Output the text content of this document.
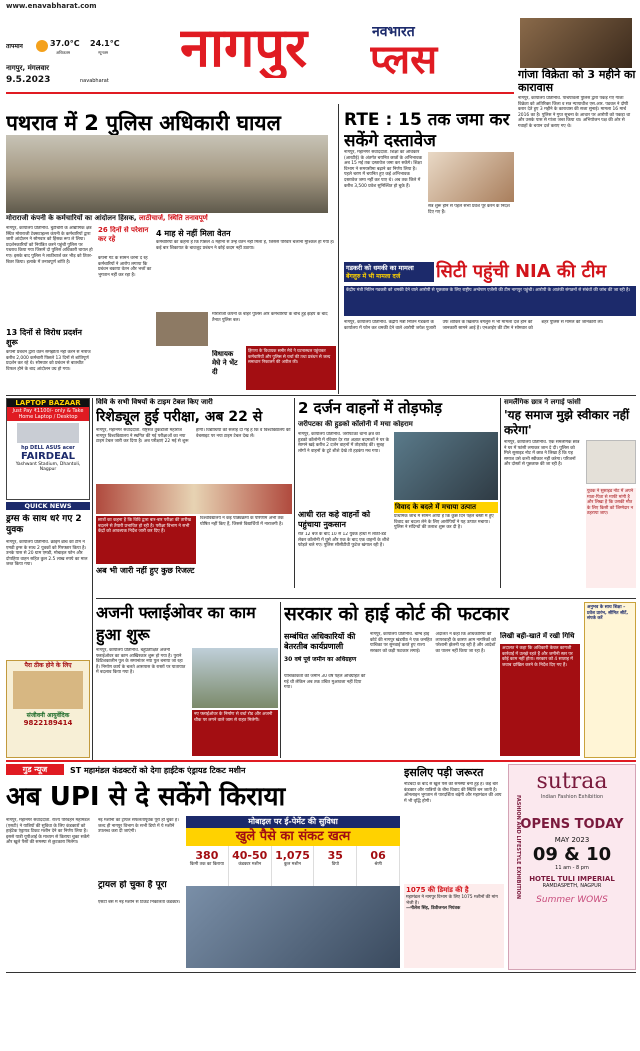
www.enavabharat.com
तापमान	37.0°C
अधिकतम
24.1°C
न्यूनतम
नागपुर, मंगलवार
9.5.2023
	navabharat
नागपुर	नवभारत
प्लस	गांजा विक्रेता को 3 महीने का कारावास
नागपुर, कार्यालय प्रतिनिधि. पाचपावली पुलिस द्वारा पकड़े गए गांजा विक्रेता को अतिरिक्त जिला व सत्र न्यायाधीश एस.आर. पडवल ने दोषी करार देते हुए 3 महीने के कारावास की सजा सुनाई। मामला 16 मार्च 2016 का है। पुलिस ने गुप्त सूचना के आधार पर आरोपी को पकड़ा था और उसके पास से गांजा जब्त किया था। अभियोजन पक्ष की ओर से गवाहों के बयान दर्ज कराए गए थे।
पथराव में 2 पुलिस अधिकारी घायल
मोराराजी कंपनी के कर्मचारियों का आंदोलन हिंसक, लाठीचार्ज, स्थिति तनावपूर्ण
नागपुर, कार्यालय प्रतिनिधि. बुटीबोरी के औद्योगिक क्षेत्र स्थित मोराराजी टेक्सटाइल्स कंपनी के कर्मचारियों द्वारा जारी आंदोलन ने सोमवार को हिंसक रूप ले लिया। प्रदर्शनकारियों को नियंत्रित करने पहुंची पुलिस पर पथराव किया गया जिसमें दो पुलिस अधिकारी घायल हो गए। इसके बाद पुलिस ने लाठीचार्ज कर भीड़ को तितर-बितर किया। इलाके में तनावपूर्ण शांति है।
13 दिनों से विरोध प्रदर्शन शुरू
कंपनी प्रबंधन द्वारा वेतन समझौता नहीं करने से नाराज करीब 2,000 कर्मचारी पिछले 13 दिनों से शांतिपूर्ण प्रदर्शन कर रहे थे। सोमवार को प्रबंधन से बातचीत विफल होने के बाद आंदोलन उग्र हो गया।
26 दिनों से परेशान कर रहे
कंपनी गेट के सामने धरना दे रहे कर्मचारियों ने आरोप लगाया कि प्रबंधन बकाया वेतन और भत्तों का भुगतान नहीं कर रहा है।
4 माह से नहीं मिला वेतन
कर्मचारियों का कहना है कि पिछले 4 महीनों से उन्हें वेतन नहीं मिला है, जिससे परिवार चलाना मुश्किल हो गया है। कई बार शिकायत के बावजूद प्रबंधन ने कोई कदम नहीं उठाया।
विधायक मेघे ने भेंट दी
हिंगणा के विधायक समीर मेघे ने घटनास्थल पहुंचकर कर्मचारियों और पुलिस से चर्चा की तथा प्रबंधन से जल्द समाधान निकालने की अपील की।
मोराराजी कंपनी के बाहर पुलिस और कर्मचारियों के बीच हुई झड़प के बाद तैनात पुलिस बल।
RTE : 15 तक जमा कर सकेंगे दस्तावेज
नागपुर, महानगर संवाददाता. शिक्षा का अधिकार (आरटीई) के अंतर्गत चयनित छात्रों के अभिभावक अब 15 मई तक दस्तावेज जमा कर सकेंगे। शिक्षा विभाग ने समयसीमा बढ़ाने का निर्णय लिया है। पहले चरण में चयनित हुए कई अभिभावक दस्तावेज जमा नहीं कर पाए थे। अब तक जिले में करीब 3,500 प्रवेश सुनिश्चित हो चुके हैं।
सत्र शुरू होने से पहले सभी प्रवेश पूरे करने के निर्देश दिए गए हैं।
गडकरी को धमकी का मामला
बेंगलुरु में भी मामला दर्ज	सिटी पहुंची NIA की टीम
केंद्रीय मंत्री नितिन गडकरी को धमकी देने वाले आरोपी से पूछताछ के लिए राष्ट्रीय अन्वेषण एजेंसी की टीम नागपुर पहुंची। आरोपी के आतंकी संगठनों से संबंधों की जांच की जा रही है।
नागपुर, कार्यालय प्रतिनिधि. केंद्रीय मंत्री नितिन गडकरी के कार्यालय में फोन कर धमकी देने वाले आरोपी जयेश पुजारी उर्फ शाकिर के खिलाफ बेंगलुरु में भी मामला दर्ज होने की जानकारी सामने आई है। एनआईए की टीम ने सोमवार को शहर पुलिस से मामले की जानकारी ली।
LAPTOP BAZAAR
Just Pay ₹1100/- only & Take Home Laptop / Desktop
hp DELL ASUS acer
FAIRDEAL
Yashwant Stadium, Dhantoli, Nagpur
QUICK NEWS
ड्रग्स के साथ धरे गए 2 युवक
नागपुर, कार्यालय प्रतिनिधि. क्राइम ब्रांच की टीम ने एमडी ड्रग्स के साथ 2 युवकों को गिरफ्तार किया है। उनके पास से 20 ग्राम एमडी, मोबाइल फोन और दोपहिया वाहन सहित कुल 2.5 लाख रुपये का माल जब्त किया गया।
पैरा ठीक होने के लिए
संजीवनी आयुर्वेदिक
9822189414
विवि के सभी विषयों के टाइम टेबल किए जारी
रिशेड्यूल हुई परीक्षा, अब 22 से
नागपुर, महानगर संवाददाता. राष्ट्रसंत तुकडोजी महाराज नागपुर विश्वविद्यालय ने स्थगित की गई परीक्षाओं का नया टाइम टेबल जारी कर दिया है। अब परीक्षाएं 22 मई से शुरू होंगी। विद्यार्थियों को सलाह दी गई है कि वे विश्वविद्यालय की वेबसाइट पर नया टाइम टेबल देख लें।
छात्रों का कहना है कि विवि द्वारा बार-बार परीक्षा की तारीख बदलने से तैयारी प्रभावित हो रही है। परीक्षा विभाग ने सभी केंद्रों को आवश्यक निर्देश जारी कर दिए हैं।
अब भी जारी नहीं हुए कुछ रिजल्ट
विश्वविद्यालय ने कई पाठ्यक्रमों के परिणाम अभी तक घोषित नहीं किए हैं, जिससे विद्यार्थियों में नाराजगी है।
2 दर्जन वाहनों में तोड़फोड़
जरीपटका की हुडको कॉलोनी में मचा कोहराम
नागपुर, कार्यालय प्रतिनिधि. जरीपटका थाना क्षेत्र की हुडको कॉलोनी में रविवार देर रात अज्ञात बदमाशों ने घर के सामने खड़े करीब 2 दर्जन वाहनों में तोड़फोड़ की। सुबह लोगों ने वाहनों के टूटे शीशे देखे तो हड़कंप मच गया।
आधी रात कहे वाहनों को पहुंचाया नुकसान
रात 12 बजे के बाद 10 से 12 युवक हाथों में लाठी-डंडे लेकर कॉलोनी में घुसे और एक के बाद एक वाहनों के शीशे फोड़ते चले गए। पुलिस सीसीटीवी फुटेज खंगाल रही है।
विवाद के बदले में मचाया उत्पात
प्राथमिक जांच में सामने आया है कि कुछ दिन पहले बस्ती में हुए विवाद का बदला लेने के लिए आरोपियों ने यह उत्पात मचाया। पुलिस ने संदिग्धों की तलाश शुरू कर दी है।
समलैंगिक छात्र ने लगाई फांसी
'यह समाज मुझे स्वीकार नहीं करेगा'
नागपुर, कार्यालय प्रतिनिधि. एक समलैंगिक छात्र ने घर में फांसी लगाकर जान दे दी। पुलिस को मिले सुसाइड नोट में छात्र ने लिखा है कि यह समाज उसे कभी स्वीकार नहीं करेगा। परिजनों और दोस्तों से पूछताछ की जा रही है।
युवक ने सुसाइड नोट में अपने माता-पिता से माफी मांगी है और लिखा है कि उसकी मौत के लिए किसी को जिम्मेदार न ठहराया जाए।
अजनी फ्लाईओवर का काम हुआ शुरू
नागपुर, कार्यालय प्रतिनिधि. बहुप्रतीक्षित अजनी फ्लाईओवर का काम आखिरकार शुरू हो गया है। पुराने ब्रिटिशकालीन पुल के समानांतर नया पुल बनाया जा रहा है। निर्माण कार्य के चलते आसपास के रास्तों पर यातायात में बदलाव किया गया है।
नए फ्लाईओवर के निर्माण से वर्धा रोड और अजनी चौक पर लगने वाले जाम से राहत मिलेगी।
सरकार को हाई कोर्ट की फटकार
सम्बंधित अधिकारियों की बेतरतीब कार्यप्रणाली
नागपुर, कार्यालय प्रतिनिधि. बॉम्बे हाई कोर्ट की नागपुर खंडपीठ ने एक जनहित याचिका पर सुनवाई करते हुए राज्य सरकार को कड़ी फटकार लगाई। अदालत ने कहा कि अधिकारियों की लापरवाही के कारण आम नागरिकों को परेशानी झेलनी पड़ रही है और आदेशों का पालन नहीं किया जा रहा है।
30 वर्ष पूर्व जमीन का अधिग्रहण
याचिकाकर्ता की जमीन 30 वर्ष पहले अधिग्रहित की गई थी लेकिन अब तक उचित मुआवजा नहीं दिया गया।
लिखी बही-खाते में रखी गिथि
अदालत ने कहा कि अधिकारी केवल कागजी कार्रवाई में उलझे रहते हैं और जमीनी स्तर पर कोई काम नहीं होता। सरकार को 4 सप्ताह में जवाब दाखिल करने के निर्देश दिए गए हैं।
अनुभव के साथ शिक्षा – प्रवेश प्रारंभ, सीमित सीटें, संपर्क करें
गुड न्यूज	ST महामंडल कंडक्टरों को देगा हाईटेक एंड्रायड टिकट मशीन
अब UPI से दे सकेंगे किराया
नागपुर, महानगर संवाददाता. राज्य परिवहन महामंडल (एसटी) ने यात्रियों की सुविधा के लिए कंडक्टरों को हाईटेक एंड्रायड टिकट मशीन देने का निर्णय लिया है। इससे यात्री यूपीआई के माध्यम से किराया चुका सकेंगे और खुले पैसों की समस्या से छुटकारा मिलेगा।
नई मशीनों का ट्रायल सफलतापूर्वक पूरा हो चुका है। जल्द ही नागपुर विभाग के सभी डिपो में ये मशीनें उपलब्ध करा दी जाएंगी।
ट्रायल हो चुका है पूरा
एसटी बस में नई मशीन से टिकट निकालता कंडक्टर।
मोबाइल पर ई-पेमेंट की सुविधा
खुले पैसे का संकट खत्म
380
किमी तक का किराया
40-50
कंडक्टर मशीन
1,075
कुल मशीन
35
डिपो
06
श्रेणी
इसलिए पड़ी जरूरत
नोटबंदी के बाद से खुले पैसे की समस्या बनी हुई है। कई बार कंडक्टर और यात्रियों के बीच विवाद की स्थिति बन जाती है। ऑनलाइन भुगतान से पारदर्शिता बढ़ेगी और महामंडल की आय में भी वृद्धि होगी।
1075 की डिमांड की है
महामंडल ने नागपुर विभाग के लिए 1075 मशीनों की मांग भेजी है।
—नीलेश सिंह, डिवीजनल नियंत्रक
sutraa
Indian Fashion Exhibition
OPENS TODAY
MAY 2023
09 & 10
11 am - 8 pm
HOTEL TULI IMPERIAL
RAMDASPETH, NAGPUR
Summer WOWS
FASHION AND LIFESTYLE EXHIBITION
